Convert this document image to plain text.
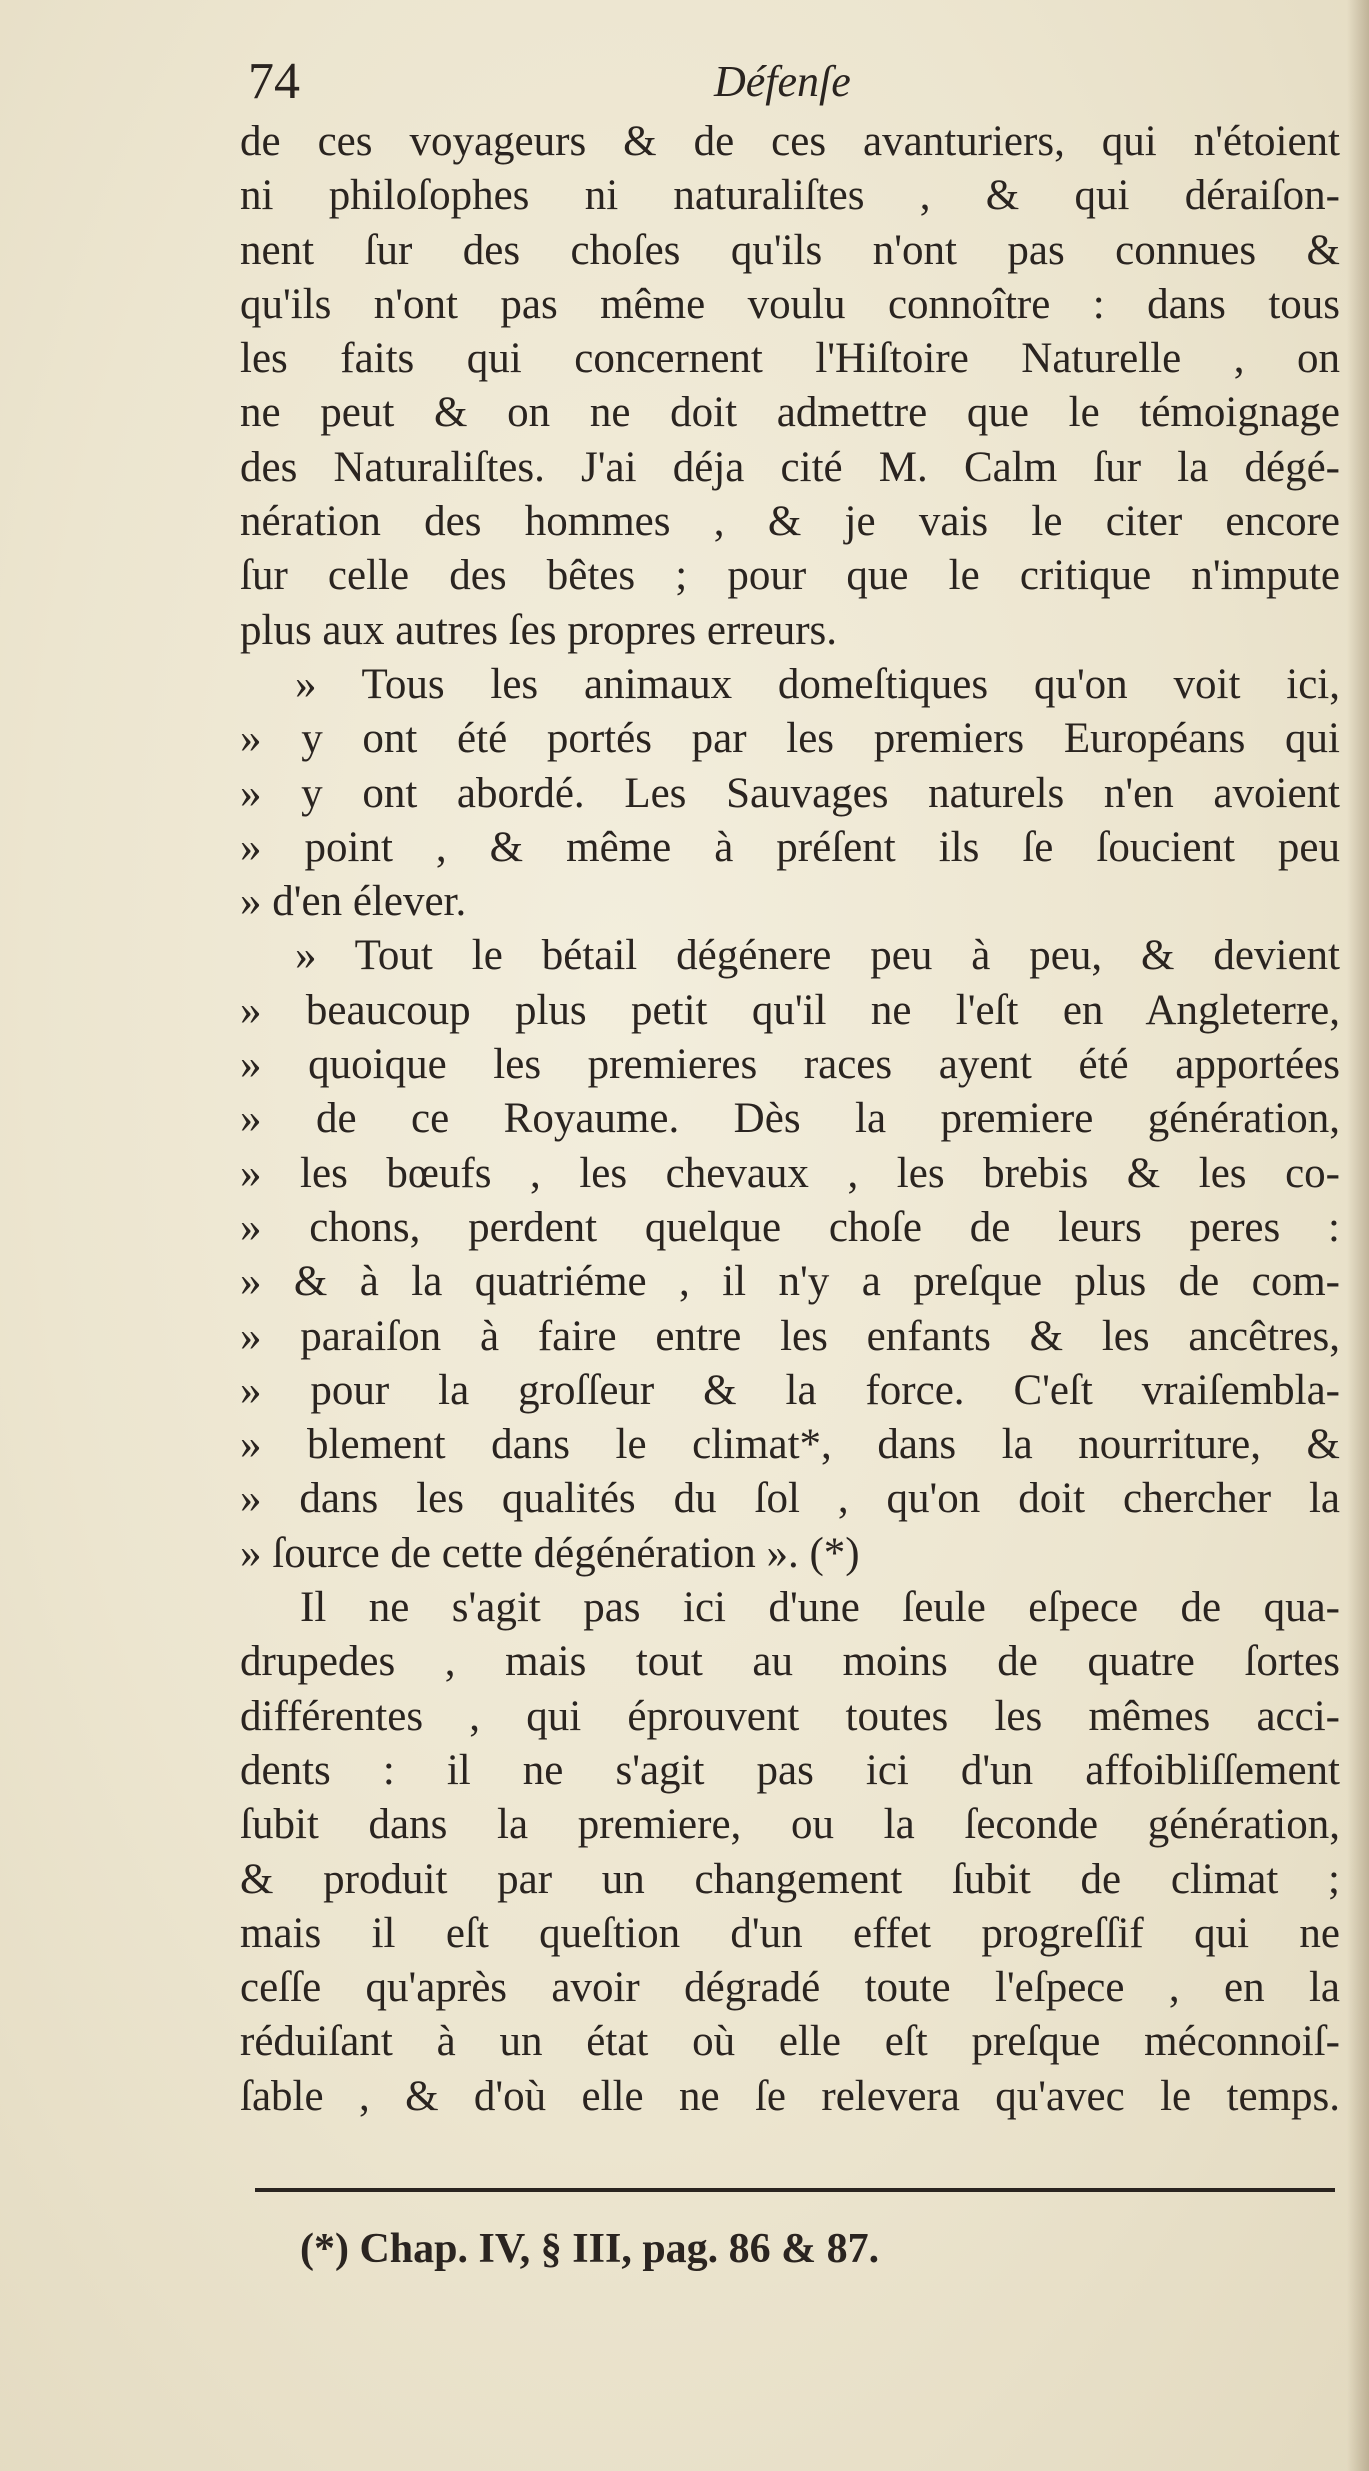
74	Défenſe
de ces voyageurs & de ces avanturiers, qui n'étoient
ni philoſophes ni naturaliſtes , & qui déraiſon-
nent ſur des choſes qu'ils n'ont pas connues &
qu'ils n'ont pas même voulu connoître : dans tous
les faits qui concernent l'Hiſtoire Naturelle , on
ne peut & on ne doit admettre que le témoignage
des Naturaliſtes. J'ai déja cité M. Calm ſur la dégé-
nération des hommes , & je vais le citer encore
ſur celle des bêtes ; pour que le critique n'impute
plus aux autres ſes propres erreurs.
» Tous les animaux domeſtiques qu'on voit ici,
» y ont été portés par les premiers Européans qui
» y ont abordé. Les Sauvages naturels n'en avoient
» point , & même à préſent ils ſe ſoucient peu
» d'en élever.
» Tout le bétail dégénere peu à peu, & devient
» beaucoup plus petit qu'il ne l'eſt en Angleterre,
» quoique les premieres races ayent été apportées
» de ce Royaume. Dès la premiere génération,
» les bœufs , les chevaux , les brebis & les co-
» chons, perdent quelque choſe de leurs peres :
» & à la quatriéme , il n'y a preſque plus de com-
» paraiſon à faire entre les enfants & les ancêtres,
» pour la groſſeur & la force. C'eſt vraiſembla-
» blement dans le climat*, dans la nourriture, &
» dans les qualités du ſol , qu'on doit chercher la
» ſource de cette dégénération ». (*)
Il ne s'agit pas ici d'une ſeule eſpece de qua-
drupedes , mais tout au moins de quatre ſortes
différentes , qui éprouvent toutes les mêmes acci-
dents : il ne s'agit pas ici d'un affoibliſſement
ſubit dans la premiere, ou la ſeconde génération,
& produit par un changement ſubit de climat ;
mais il eſt queſtion d'un effet progreſſif qui ne
ceſſe qu'après avoir dégradé toute l'eſpece , en la
réduiſant à un état où elle eſt preſque méconnoiſ-
ſable , & d'où elle ne ſe relevera qu'avec le temps.
(*) Chap. IV, § III, pag. 86 & 87.
